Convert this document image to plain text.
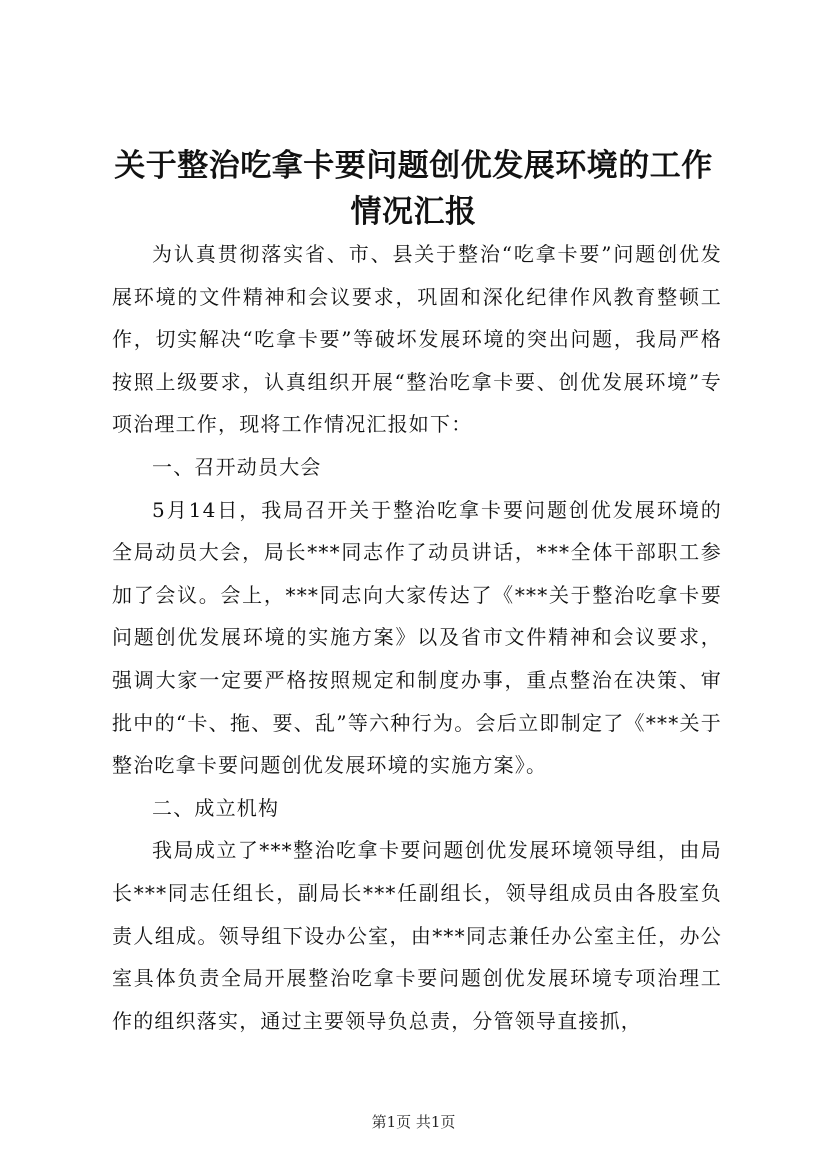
关于整治吃拿卡要问题创优发展环境的工作情况汇报

为认真贯彻落实省、市、县关于整治“吃拿卡要”问题创优发展环境的文件精神和会议要求，巩固和深化纪律作风教育整顿工作，切实解决“吃拿卡要”等破坏发展环境的突出问题，我局严格按照上级要求，认真组织开展“整治吃拿卡要、创优发展环境”专项治理工作，现将工作情况汇报如下：

一、召开动员大会

5月14日，我局召开关于整治吃拿卡要问题创优发展环境的全局动员大会，局长***同志作了动员讲话，***全体干部职工参加了会议。会上，***同志向大家传达了《***关于整治吃拿卡要问题创优发展环境的实施方案》以及省市文件精神和会议要求，强调大家一定要严格按照规定和制度办事，重点整治在决策、审批中的“卡、拖、要、乱”等六种行为。会后立即制定了《***关于整治吃拿卡要问题创优发展环境的实施方案》。

二、成立机构

我局成立了***整治吃拿卡要问题创优发展环境领导组，由局长***同志任组长，副局长***任副组长，领导组成员由各股室负责人组成。领导组下设办公室，由***同志兼任办公室主任，办公室具体负责全局开展整治吃拿卡要问题创优发展环境专项治理工作的组织落实，通过主要领导负总责，分管领导直接抓，

第1页 共1页
